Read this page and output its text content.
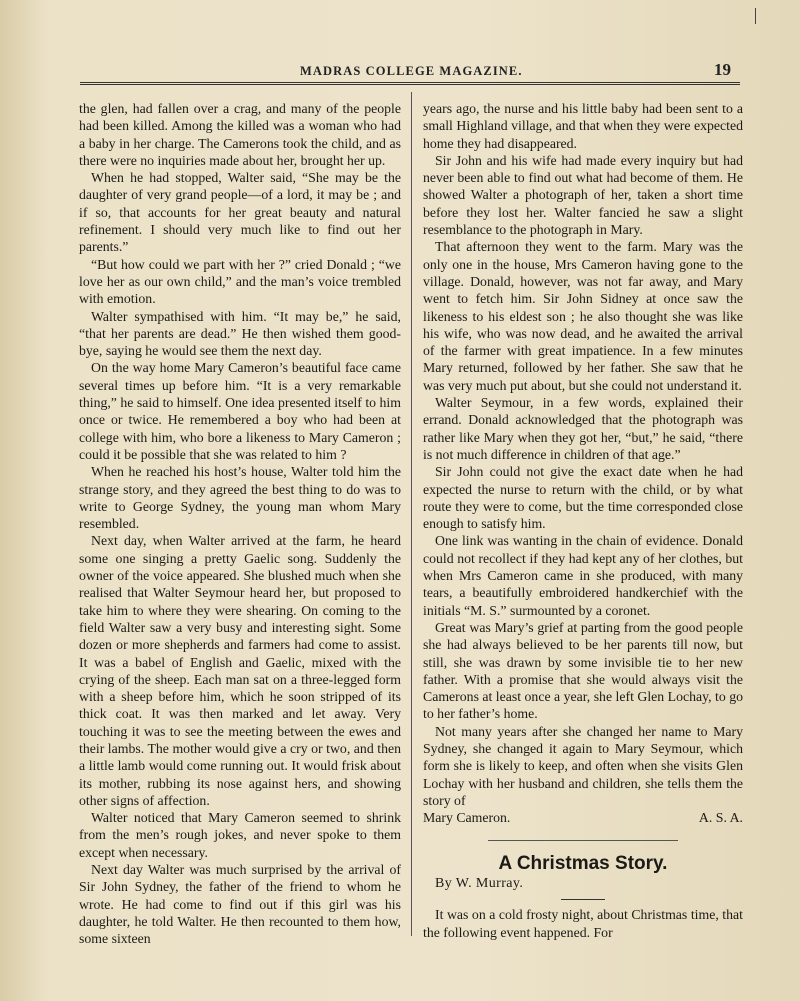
MADRAS COLLEGE MAGAZINE.	19

the glen, had fallen over a crag, and many of the people had been killed. Among the killed was a woman who had a baby in her charge. The Camerons took the child, and as there were no inquiries made about her, brought her up.

When he had stopped, Walter said, “She may be the daughter of very grand people—of a lord, it may be ; and if so, that accounts for her great beauty and natural refinement. I should very much like to find out her parents.”

“But how could we part with her ?” cried Donald ; “we love her as our own child,” and the man’s voice trembled with emotion.

Walter sympathised with him. “It may be,” he said, “that her parents are dead.” He then wished them good-bye, saying he would see them the next day.

On the way home Mary Cameron’s beautiful face came several times up before him. “It is a very remarkable thing,” he said to himself. One idea presented itself to him once or twice. He remembered a boy who had been at college with him, who bore a likeness to Mary Cameron ; could it be possible that she was related to him ?

When he reached his host’s house, Walter told him the strange story, and they agreed the best thing to do was to write to George Sydney, the young man whom Mary resembled.

Next day, when Walter arrived at the farm, he heard some one singing a pretty Gaelic song. Suddenly the owner of the voice appeared. She blushed much when she realised that Walter Seymour heard her, but proposed to take him to where they were shearing. On coming to the field Walter saw a very busy and interesting sight. Some dozen or more shepherds and farmers had come to assist. It was a babel of English and Gaelic, mixed with the crying of the sheep. Each man sat on a three-legged form with a sheep before him, which he soon stripped of its thick coat. It was then marked and let away. Very touching it was to see the meeting between the ewes and their lambs. The mother would give a cry or two, and then a little lamb would come running out. It would frisk about its mother, rubbing its nose against hers, and showing other signs of affection.

Walter noticed that Mary Cameron seemed to shrink from the men’s rough jokes, and never spoke to them except when necessary.

Next day Walter was much surprised by the arrival of Sir John Sydney, the father of the friend to whom he wrote. He had come to find out if this girl was his daughter, he told Walter. He then recounted to them how, some sixteen

years ago, the nurse and his little baby had been sent to a small Highland village, and that when they were expected home they had disappeared.

Sir John and his wife had made every inquiry but had never been able to find out what had become of them. He showed Walter a photograph of her, taken a short time before they lost her. Walter fancied he saw a slight resemblance to the photograph in Mary.

That afternoon they went to the farm. Mary was the only one in the house, Mrs Cameron having gone to the village. Donald, however, was not far away, and Mary went to fetch him. Sir John Sidney at once saw the likeness to his eldest son ; he also thought she was like his wife, who was now dead, and he awaited the arrival of the farmer with great impatience. In a few minutes Mary returned, followed by her father. She saw that he was very much put about, but she could not understand it.

Walter Seymour, in a few words, explained their errand. Donald acknowledged that the photograph was rather like Mary when they got her, “but,” he said, “there is not much difference in children of that age.”

Sir John could not give the exact date when he had expected the nurse to return with the child, or by what route they were to come, but the time corresponded close enough to satisfy him.

One link was wanting in the chain of evidence. Donald could not recollect if they had kept any of her clothes, but when Mrs Cameron came in she produced, with many tears, a beautifully embroidered handkerchief with the initials “M. S.” surmounted by a coronet.

Great was Mary’s grief at parting from the good people she had always believed to be her parents till now, but still, she was drawn by some invisible tie to her new father. With a promise that she would always visit the Camerons at least once a year, she left Glen Lochay, to go to her father’s home.

Not many years after she changed her name to Mary Sydney, she changed it again to Mary Seymour, which form she is likely to keep, and often when she visits Glen Lochay with her husband and children, she tells them the story of

Mary Cameron.	A. S. A.

A Christmas Story.

By W. Murray.

It was on a cold frosty night, about Christmas time, that the following event happened. For
